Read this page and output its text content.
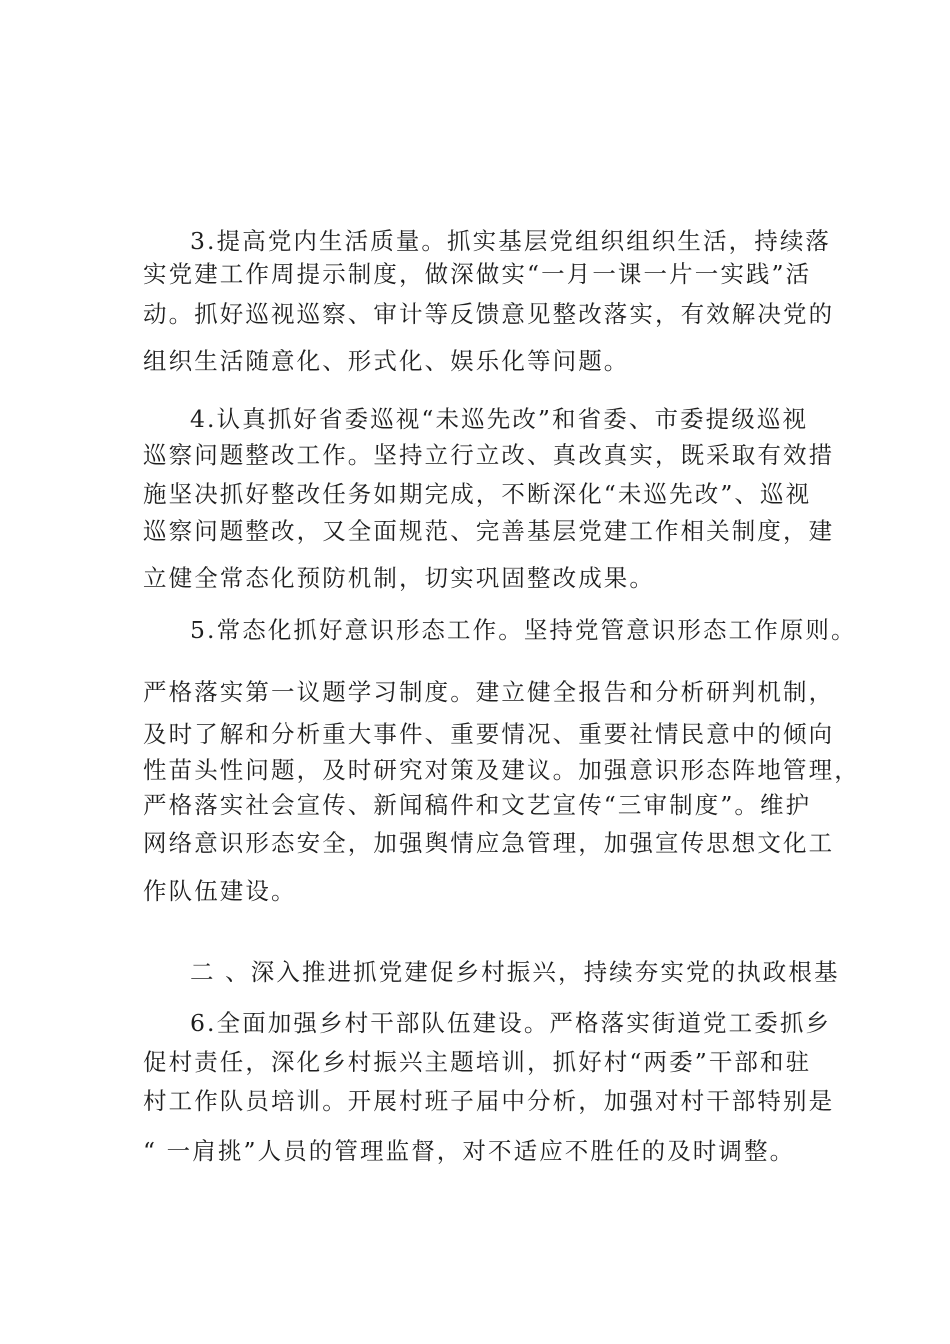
3.提高党内生活质量。抓实基层党组织组织生活，持续落
实党建工作周提示制度，做深做实“一月一课一片一实践”活
动。抓好巡视巡察、审计等反馈意见整改落实，有效解决党的
组织生活随意化、形式化、娱乐化等问题。
4.认真抓好省委巡视“未巡先改”和省委、市委提级巡视
巡察问题整改工作。坚持立行立改、真改真实，既采取有效措
施坚决抓好整改任务如期完成，不断深化“未巡先改”、巡视
巡察问题整改，又全面规范、完善基层党建工作相关制度，建
立健全常态化预防机制，切实巩固整改成果。
5.常态化抓好意识形态工作。坚持党管意识形态工作原则。
严格落实第一议题学习制度。建立健全报告和分析研判机制，
及时了解和分析重大事件、重要情况、重要社情民意中的倾向
性苗头性问题，及时研究对策及建议。加强意识形态阵地管理，
严格落实社会宣传、新闻稿件和文艺宣传“三审制度”。维护
网络意识形态安全，加强舆情应急管理，加强宣传思想文化工
作队伍建设。
二 、深入推进抓党建促乡村振兴，持续夯实党的执政根基
6.全面加强乡村干部队伍建设。严格落实街道党工委抓乡
促村责任，深化乡村振兴主题培训，抓好村“两委”干部和驻
村工作队员培训。开展村班子届中分析，加强对村干部特别是
“ 一肩挑”人员的管理监督，对不适应不胜任的及时调整。
